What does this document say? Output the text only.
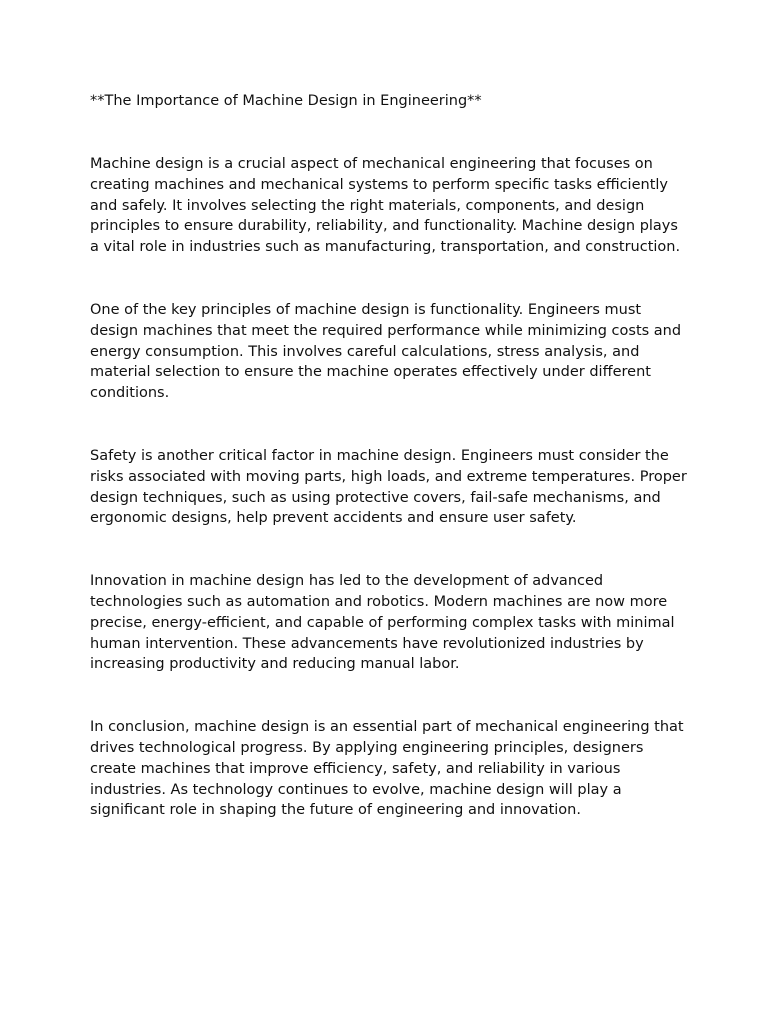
**The Importance of Machine Design in Engineering**

Machine design is a crucial aspect of mechanical engineering that focuses on creating machines and mechanical systems to perform specific tasks efficiently and safely. It involves selecting the right materials, components, and design principles to ensure durability, reliability, and functionality. Machine design plays a vital role in industries such as manufacturing, transportation, and construction.

One of the key principles of machine design is functionality. Engineers must design machines that meet the required performance while minimizing costs and energy consumption. This involves careful calculations, stress analysis, and material selection to ensure the machine operates effectively under different conditions.

Safety is another critical factor in machine design. Engineers must consider the risks associated with moving parts, high loads, and extreme temperatures. Proper design techniques, such as using protective covers, fail-safe mechanisms, and ergonomic designs, help prevent accidents and ensure user safety.

Innovation in machine design has led to the development of advanced technologies such as automation and robotics. Modern machines are now more precise, energy-efficient, and capable of performing complex tasks with minimal human intervention. These advancements have revolutionized industries by increasing productivity and reducing manual labor.

In conclusion, machine design is an essential part of mechanical engineering that drives technological progress. By applying engineering principles, designers create machines that improve efficiency, safety, and reliability in various industries. As technology continues to evolve, machine design will play a significant role in shaping the future of engineering and innovation.
